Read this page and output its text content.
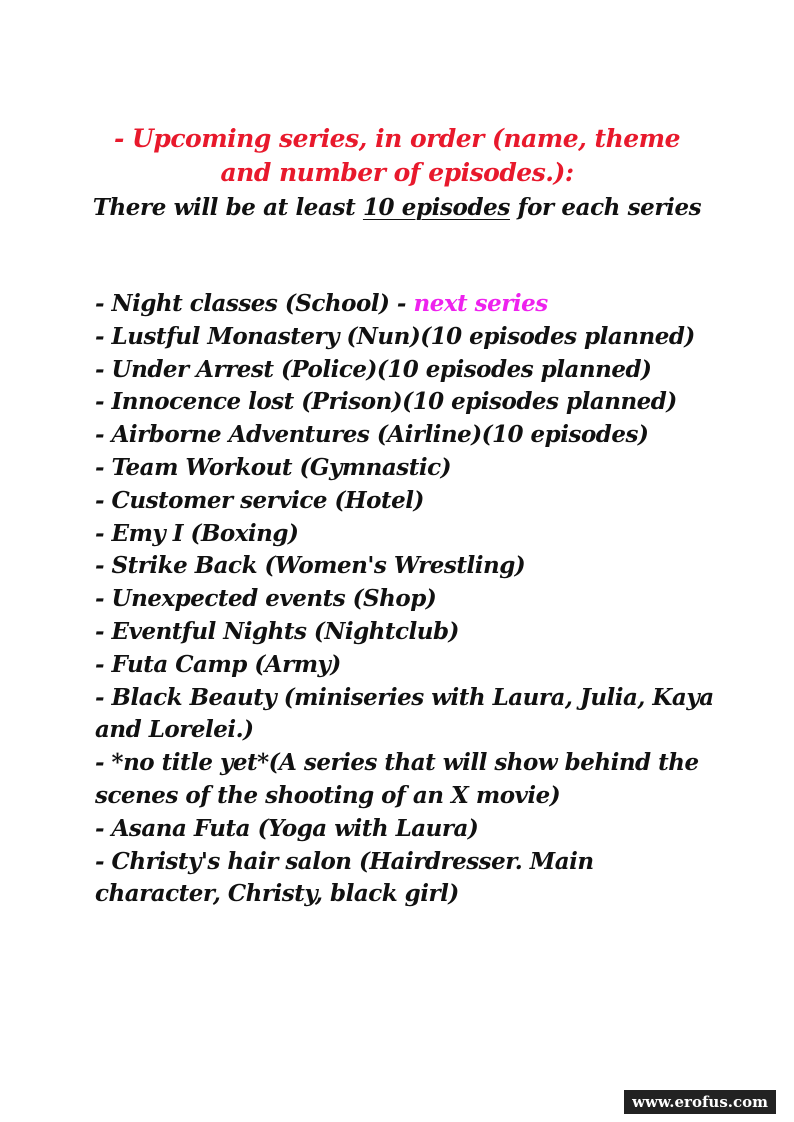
- Upcoming series, in order (name, theme and number of episodes.):
There will be at least 10 episodes for each series
- Night classes (School) - next series
- Lustful Monastery (Nun)(10 episodes planned)
- Under Arrest (Police)(10 episodes planned)
- Innocence lost (Prison)(10 episodes planned)
- Airborne Adventures (Airline)(10 episodes)
- Team Workout (Gymnastic)
- Customer service (Hotel)
- Emy I (Boxing)
- Strike Back (Women's Wrestling)
- Unexpected events (Shop)
- Eventful Nights (Nightclub)
- Futa Camp (Army)
- Black Beauty (miniseries with Laura, Julia, Kaya and Lorelei.)
- *no title yet*(A series that will show behind the scenes of the shooting of an X movie)
- Asana Futa (Yoga with Laura)
- Christy's hair salon (Hairdresser. Main character, Christy, black girl)
www.erofus.com
